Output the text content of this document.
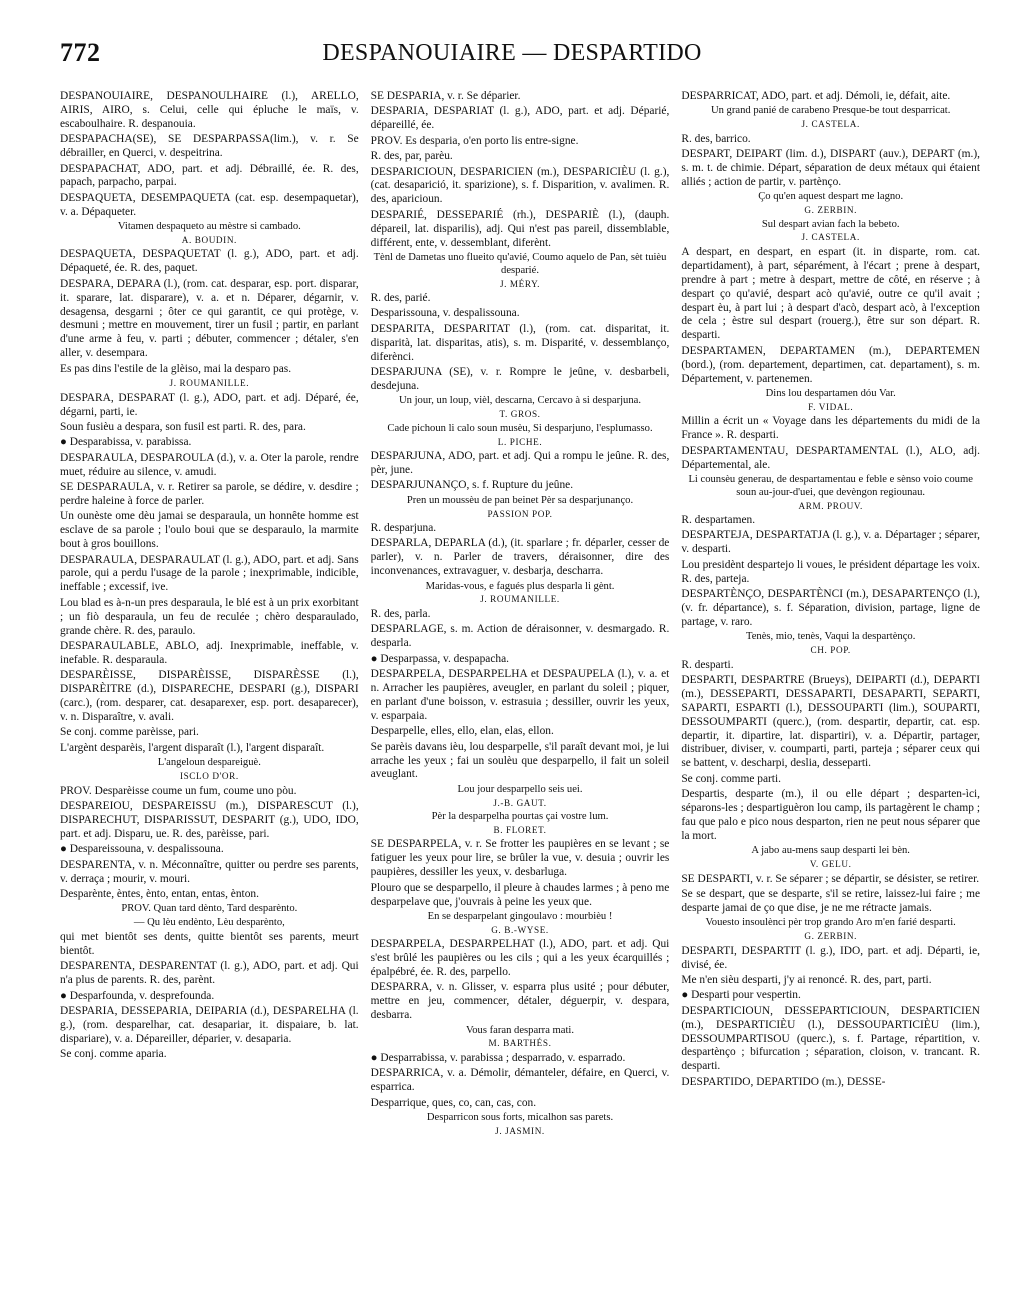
772	DESPANOUIAIRE — DESPARTIDO
DESPANOUIAIRE, DESPANOULHAIRE (l.), ARELLO, AIRIS, AIRO, s. Celui, celle qui épluche le maïs, v. escaboulhaire. R. despanouia.
DESPAPACHA(SE), SE DESPARPASSA(lim.), v. r. Se débrailler, en Querci, v. despeitrina.
DESPAPACHAT, ADO, part. et adj. Débraillé, ée. R. des, papach, parpacho, parpai.
DESPAQUETA, DESEMPAQUETA (cat. esp. desempaquetar), v. a. Dépaqueter.
Vitamen despaqueto au mèstre si cambado.
A. BOUDIN.
DESPAQUETA, DESPAQUETAT (l. g.), ADO, part. et adj. Dépaqueté, ée. R. des, paquet.
DESPARA, DEPARA (l.), (rom. cat. desparar, esp. port. disparar, it. sparare, lat. disparare), v. a. et n. Déparer, dégarnir, v. desagensa, desgarni ; ôter ce qui garantit, ce qui protège, v. desmuni ; mettre en mouvement, tirer un fusil ; partir, en parlant d'une arme à feu, v. parti ; débuter, commencer ; détaler, s'en aller, v. desempara.
Es pas dins l'estile de la glèiso, mai la desparo pas.
J. ROUMANILLE.
DESPARA, DESPARAT (l. g.), ADO, part. et adj. Déparé, ée, dégarni, parti, ie.
Soun fusièu a despara, son fusil est parti. R. des, para.
● Desparabissa, v. parabissa.
DESPARAULA, DESPAROULA (d.), v. a. Oter la parole, rendre muet, réduire au silence, v. amudi.
SE DESPARAULA, v. r. Retirer sa parole, se dédire, v. desdire ; perdre haleine à force de parler.
Un ounèste ome dèu jamai se desparaula, un honnête homme est esclave de sa parole ; l'oulo boui que se desparaulo, la marmite bout à gros bouillons.
DESPARAULA, DESPARAULAT (l. g.), ADO, part. et adj. Sans parole, qui a perdu l'usage de la parole ; inexprimable, indicible, ineffable ; excessif, ive.
Lou blad es à-n-un pres desparaula, le blé est à un prix exorbitant ; un fiò desparaula, un feu de reculée ; chèro desparaulado, grande chère. R. des, paraulo.
DESPARAULABLE, ABLO, adj. Inexprimable, ineffable, v. inefable. R. desparaula.
DESPARÈISSE, DISPARÈISSE, DISPARÈSSE (l.), DISPARÈITRE (d.), DISPARECHE, DESPARI (g.), DISPARI (carc.), (rom. desparer, cat. desaparexer, esp. port. desaparecer), v. n. Disparaître, v. avali.
Se conj. comme parèisse, pari.
L'argènt desparèis, l'argent disparaît (l.), l'argent disparaît.
L'angeloun despareiguè.
ISCLO D'OR.
PROV. Desparèisse coume un fum, coume uno pòu.
DESPAREIOU, DESPAREISSU (m.), DISPARESCUT (l.), DISPARECHUT, DISPARISSUT, DESPARIT (g.), UDO, IDO, part. et adj. Disparu, ue. R. des, parèisse, pari.
● Despareissouna, v. despalissouna.
DESPARENTA, v. n. Méconnaître, quitter ou perdre ses parents, v. derraça ; mourir, v. mouri.
Desparènte, èntes, ènto, entan, entas, ènton.
PROV. Quan tard dènto, Tard desparènto.
— Qu lèu endènto, Lèu desparènto,
qui met bientôt ses dents, quitte bientôt ses parents, meurt bientôt.
DESPARENTA, DESPARENTAT (l. g.), ADO, part. et adj. Qui n'a plus de parents. R. des, parènt.
● Desparfounda, v. desprefounda.
DESPARIA, DESSEPARIA, DEIPARIA (d.), DESPARELHA (l. g.), (rom. desparelhar, cat. desapariar, it. dispaiare, b. lat. dispariare), v. a. Dépareiller, déparier, v. desaparia.
Se conj. comme aparia.
SE DESPARIA, v. r. Se déparier.
DESPARIA, DESPARIAT (l. g.), ADO, part. et adj. Déparié, dépareillé, ée.
PROV. Es desparia, o'en porto lis entre-signe.
R. des, par, parèu.
DESPARICIOUN, DESPARICIEN (m.), DESPARICIÈU (l. g.), (cat. desaparició, it. sparizione), s. f. Disparition, v. avalimen. R. des, aparicioun.
DESPARIÉ, DESSEPARIÉ (rh.), DESPARIÈ (l.), (dauph. dépareil, lat. disparilis), adj. Qui n'est pas pareil, dissemblable, différent, ente, v. dessemblant, diferènt.
Tènl de Dametas uno flueito qu'avié, Coumo aquelo de Pan, sèt tuièu desparié.
J. MÉRY.
R. des, parié.
Desparissouna, v. despalissouna.
DESPARITA, DESPARITAT (l.), (rom. cat. disparitat, it. disparità, lat. disparitas, atis), s. m. Disparité, v. dessemblanço, diferènci.
DESPARJUNA (SE), v. r. Rompre le jeûne, v. desbarbeli, desdejuna.
Un jour, un loup, vièl, descarna, Cercavo à si desparjuna.
T. GROS.
Cade pichoun li calo soun musèu, Si desparjuno, l'esplumasso.
L. PICHE.
DESPARJUNA, ADO, part. et adj. Qui a rompu le jeûne. R. des, pèr, june.
DESPARJUNANÇO, s. f. Rupture du jeûne.
Pren un moussèu de pan beinet Pèr sa desparjunanço.
PASSION POP.
R. desparjuna.
DESPARLA, DEPARLA (d.), (it. sparlare ; fr. déparler, cesser de parler), v. n. Parler de travers, déraisonner, dire des inconvenances, extravaguer, v. desbarja, descharra.
Maridas-vous, e fagués plus desparla li gènt.
J. ROUMANILLE.
R. des, parla.
DESPARLAGE, s. m. Action de déraisonner, v. desmargado. R. desparla.
● Desparpassa, v. despapacha.
DESPARPELA, DESPARPELHA et DESPAUPELA (l.), v. a. et n. Arracher les paupières, aveugler, en parlant du soleil ; piquer, en parlant d'une boisson, v. estrasuia ; dessiller, ouvrir les yeux, v. esparpaia.
Desparpelle, elles, ello, elan, elas, ellon.
Se parèis davans ièu, lou desparpelle, s'il paraît devant moi, je lui arrache les yeux ; fai un soulèu que desparpello, il fait un soleil aveuglant.
Lou jour desparpello seis uei.
J.-B. GAUT.
Pèr la desparpelha pourtas çai vostre lum.
B. FLORET.
SE DESPARPELA, v. r. Se frotter les paupières en se levant ; se fatiguer les yeux pour lire, se brûler la vue, v. desuia ; ouvrir les paupières, dessiller les yeux, v. desbarluga.
Plouro que se desparpello, il pleure à chaudes larmes ; à peno me desparpelave que, j'ouvrais à peine les yeux que.
En se desparpelant gingoulavo : mourbièu !
G. B.-WYSE.
DESPARPELA, DESPARPELHAT (l.), ADO, part. et adj. Qui s'est brûlé les paupières ou les cils ; qui a les yeux écarquillés ; épalpébré, ée. R. des, parpello.
DESPARRA, v. n. Glisser, v. esparra plus usité ; pour débuter, mettre en jeu, commencer, détaler, déguerpir, v. despara, desbarra.
Vous faran desparra mati.
M. BARTHÉS.
● Desparrabissa, v. parabissa ; desparrado, v. esparrado.
DESPARRICA, v. a. Démolir, démanteler, défaire, en Querci, v. esparrica.
Desparrique, ques, co, can, cas, con.
Desparricon sous forts, micalhon sas parets.
J. JASMIN.
DESPARRICAT, ADO, part. et adj. Démoli, ie, défait, aite.
Un grand panié de carabeno Presque-be tout desparricat.
J. CASTELA.
R. des, barrico.
DESPART, DEIPART (lim. d.), DISPART (auv.), DEPART (m.), s. m. t. de chimie. Départ, séparation de deux métaux qui étaient alliés ; action de partir, v. partènço.
Ço qu'en aquest despart me lagno.
G. ZERBIN.
Sul despart avian fach la bebeto.
J. CASTELA.
A despart, en despart, en espart (it. in disparte, rom. cat. departidament), à part, séparément, à l'écart ; prene à despart, prendre à part ; metre à despart, mettre de côté, en réserve ; à despart ço qu'avié, despart acò qu'avié, outre ce qu'il avait ; despart èu, à part lui ; à despart d'acò, despart acò, à l'exception de cela ; èstre sul despart (rouerg.), être sur son départ. R. desparti.
DESPARTAMEN, DEPARTAMEN (m.), DEPARTEMEN (bord.), (rom. departement, departimen, cat. departament), s. m. Département, v. partenemen.
Dins lou despartamen dóu Var.
F. VIDAL.
Millin a écrit un « Voyage dans les départements du midi de la France ». R. desparti.
DESPARTAMENTAU, DESPARTAMENTAL (l.), ALO, adj. Départemental, ale.
Li counsèu generau, de despartamentau e feble e sènso voio coume soun au-jour-d'uei, que devèngon regiounau.
ARM. PROUV.
R. despartamen.
DESPARTEJA, DESPARTATJA (l. g.), v. a. Départager ; séparer, v. desparti.
Lou presidènt despartejo li voues, le président départage les voix. R. des, parteja.
DESPARTÈNÇO, DESPARTÈNCI (m.), DESAPARTENÇO (l.), (v. fr. départance), s. f. Séparation, division, partage, ligne de partage, v. raro.
Tenès, mio, tenès, Vaqui la despartènço.
CH. POP.
R. desparti.
DESPARTI, DESPARTRE (Brueys), DEIPARTI (d.), DEPARTI (m.), DESSEPARTI, DESSAPARTI, DESAPARTI, SEPARTI, SAPARTI, ESPARTI (l.), DESSOUPARTI (lim.), SOUPARTI, DESSOUMPARTI (querc.), (rom. despartir, departir, cat. esp. departir, it. dipartire, lat. dispartiri), v. a. Départir, partager, distribuer, diviser, v. coumparti, parti, parteja ; séparer ceux qui se battent, v. descharpi, deslia, desseparti.
Se conj. comme parti.
Despartis, desparte (m.), il ou elle départ ; desparten-ìci, séparons-les ; despartiguèron lou camp, ils partagèrent le champ ; fau que palo e pico nous desparton, rien ne peut nous séparer que la mort.
A jabo au-mens saup desparti lei bèn.
V. GELU.
SE DESPARTI, v. r. Se séparer ; se départir, se désister, se retirer.
Se se despart, que se desparte, s'il se retire, laissez-lui faire ; me desparte jamai de ço que dise, je ne me rétracte jamais.
Vouesto insoulènci pèr trop grando Aro m'en farié desparti.
G. ZERBIN.
DESPARTI, DESPARTIT (l. g.), IDO, part. et adj. Départi, ie, divisé, ée.
Me n'en sièu desparti, j'y ai renoncé. R. des, part, parti.
● Desparti pour vespertin.
DESPARTICIOUN, DESSEPARTICIOUN, DESPARTICIEN (m.), DESPARTICIÈU (l.), DESSOUPARTICIÈU (lim.), DESSOUMPARTISOU (querc.), s. f. Partage, répartition, v. despartènço ; bifurcation ; séparation, cloison, v. trancant. R. desparti.
DESPARTIDO, DEPARTIDO (m.), DESSE-
